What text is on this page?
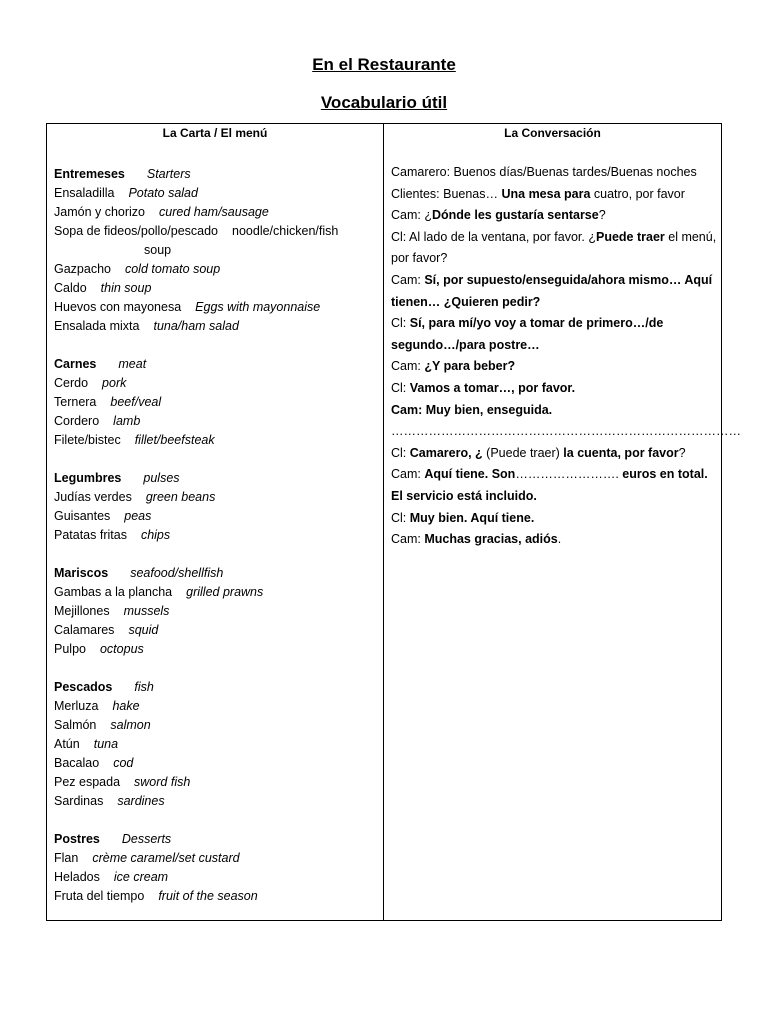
En el Restaurante
Vocabulario útil
La Carta / El menú
Entremeses Starters
Ensaladilla Potato salad
Jamón y chorizo cured ham/sausage
Sopa de fideos/pollo/pescado noodle/chicken/fish
soup
Gazpacho cold tomato soup
Caldo thin soup
Huevos con mayonesa Eggs with mayonnaise
Ensalada mixta tuna/ham salad
Carnes meat
Cerdo pork
Ternera beef/veal
Cordero lamb
Filete/bistec fillet/beefsteak
Legumbres pulses
Judías verdes green beans
Guisantes peas
Patatas fritas chips
Mariscos seafood/shellfish
Gambas a la plancha grilled prawns
Mejillones mussels
Calamares squid
Pulpo octopus
Pescados fish
Merluza hake
Salmón salmon
Atún tuna
Bacalao cod
Pez espada sword fish
Sardinas sardines
Postres Desserts
Flan crème caramel/set custard
Helados ice cream
Fruta del tiempo fruit of the season

La Conversación

Camarero: Buenos días/Buenas tardes/Buenas noches

Clientes: Buenas… Una mesa para cuatro, por favor

Cam: ¿Dónde les gustaría sentarse?

Cl: Al lado de la ventana, por favor. ¿Puede traer el menú, por favor?

Cam: Sí, por supuesto/enseguida/ahora mismo… Aquí tienen… ¿Quieren pedir?

Cl: Sí, para mí/yo voy a tomar de primero…/de segundo…/para postre…

Cam: ¿Y para beber?

Cl: Vamos a tomar…, por favor.

Cam: Muy bien, enseguida.

…………………………………………………………………………

Cl: Camarero, ¿ (Puede traer) la cuenta, por favor?

Cam: Aquí tiene. Son……………………. euros en total. El servicio está incluido.

Cl: Muy bien. Aquí tiene.

Cam: Muchas gracias, adiós.
